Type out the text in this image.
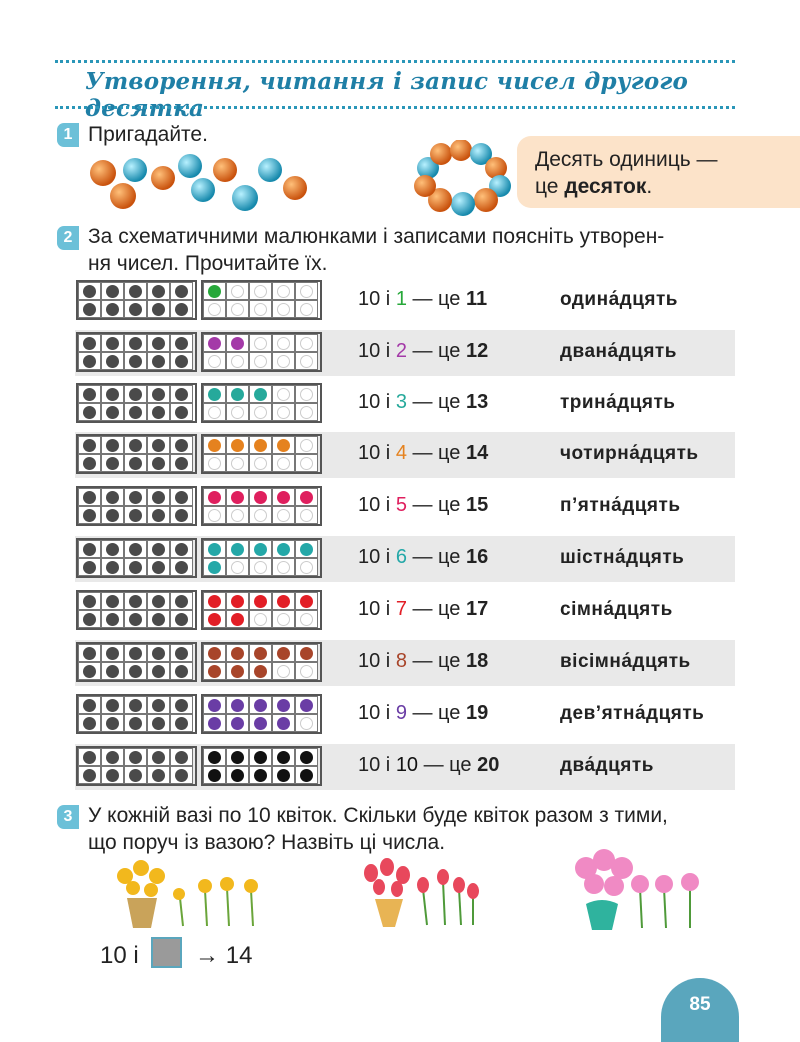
Утворення, читання і запис чисел другого десятка
1 Пригадайте.
Десять одиниць —
це десяток.
2 За схематичними малюнками і записами поясніть утворен-
ня чисел. Прочитайте їх.
10 і 1 — це 11	одина́дцять
10 і 2 — це 12	двана́дцять
10 і 3 — це 13	трина́дцять
10 і 4 — це 14	чотирна́дцять
10 і 5 — це 15	п’ятна́дцять
10 і 6 — це 16	шістна́дцять
10 і 7 — це 17	сімна́дцять
10 і 8 — це 18	вісімна́дцять
10 і 9 — це 19	дев’ятна́дцять
10 і 10 — це 20	два́дцять
3 У кожній вазі по 10 квіток. Скільки буде квіток разом з тими,
що поруч із вазою? Назвіть ці числа.
10 і → 14
85
